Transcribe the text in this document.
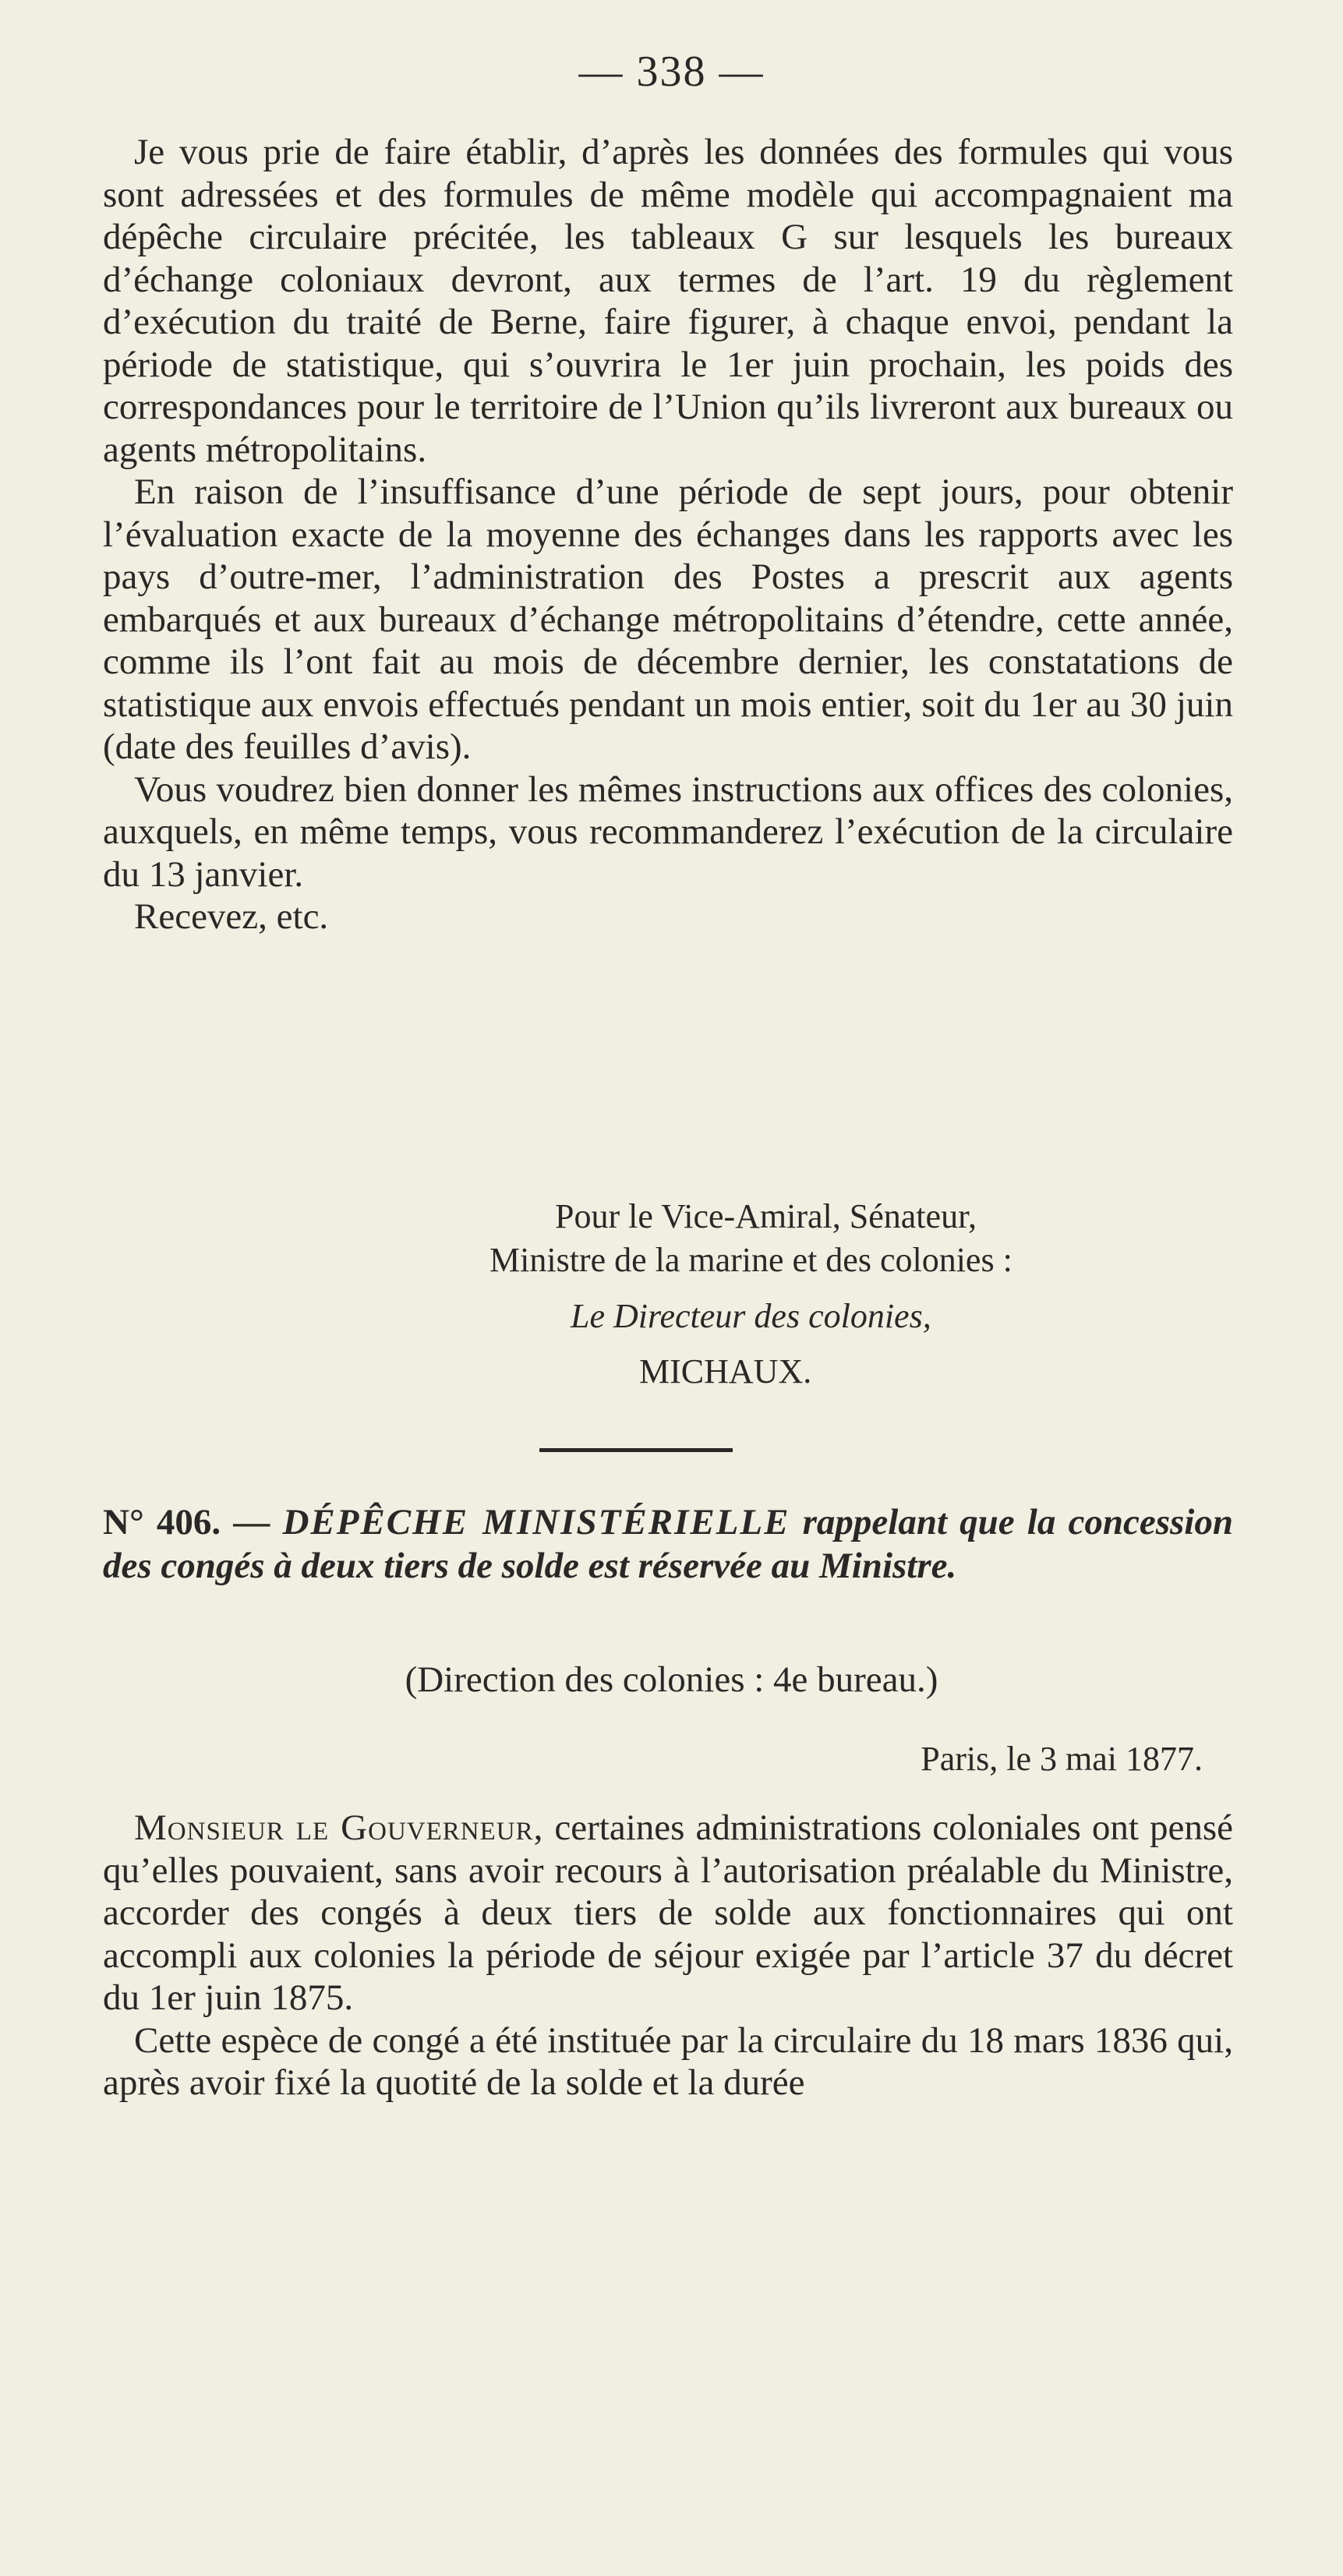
— 338 —

Je vous prie de faire établir, d’après les données des formules qui vous sont adressées et des formules de même modèle qui accompagnaient ma dépêche circulaire précitée, les tableaux G sur lesquels les bureaux d’échange coloniaux devront, aux termes de l’art. 19 du règlement d’exécution du traité de Berne, faire figurer, à chaque envoi, pendant la période de statistique, qui s’ouvrira le 1er juin prochain, les poids des correspondances pour le territoire de l’Union qu’ils livreront aux bureaux ou agents métropolitains.

En raison de l’insuffisance d’une période de sept jours, pour obtenir l’évaluation exacte de la moyenne des échanges dans les rapports avec les pays d’outre-mer, l’administration des Postes a prescrit aux agents embarqués et aux bureaux d’échange métropolitains d’étendre, cette année, comme ils l’ont fait au mois de décembre dernier, les constatations de statistique aux envois effectués pendant un mois entier, soit du 1er au 30 juin (date des feuilles d’avis).

Vous voudrez bien donner les mêmes instructions aux offices des colonies, auxquels, en même temps, vous recommanderez l’exécution de la circulaire du 13 janvier.

Recevez, etc.

Pour le Vice-Amiral, Sénateur,
Ministre de la marine et des colonies :
Le Directeur des colonies,
MICHAUX.
N° 406. — DÉPÊCHE MINISTÉRIELLE rappelant que la concession des congés à deux tiers de solde est réservée au Ministre.
(Direction des colonies : 4e bureau.)
Paris, le 3 mai 1877.

Monsieur le Gouverneur, certaines administrations coloniales ont pensé qu’elles pouvaient, sans avoir recours à l’autorisation préalable du Ministre, accorder des congés à deux tiers de solde aux fonctionnaires qui ont accompli aux colonies la période de séjour exigée par l’article 37 du décret du 1er juin 1875.

Cette espèce de congé a été instituée par la circulaire du 18 mars 1836 qui, après avoir fixé la quotité de la solde et la durée
